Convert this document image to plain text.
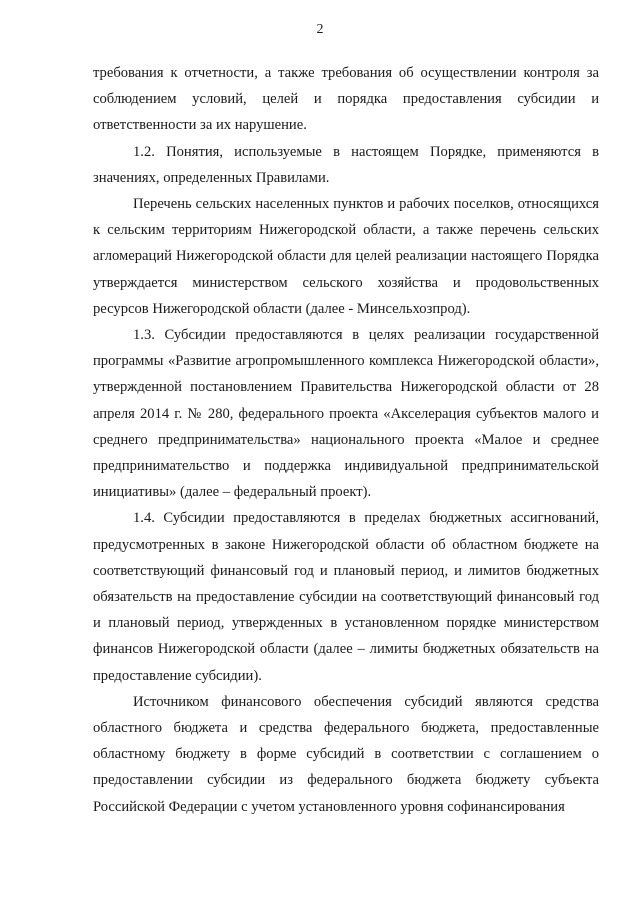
2

требования к отчетности, а также требования об осуществлении контроля за соблюдением условий, целей и порядка предоставления субсидии и ответственности за их нарушение.

1.2. Понятия, используемые в настоящем Порядке, применяются в значениях, определенных Правилами.

Перечень сельских населенных пунктов и рабочих поселков, относящихся к сельским территориям Нижегородской области, а также перечень сельских агломераций Нижегородской области для целей реализации настоящего Порядка утверждается министерством сельского хозяйства и продовольственных ресурсов Нижегородской области (далее - Минсельхозпрод).

1.3. Субсидии предоставляются в целях реализации государственной программы «Развитие агропромышленного комплекса Нижегородской области», утвержденной постановлением Правительства Нижегородской области от 28 апреля 2014 г. № 280, федерального проекта «Акселерация субъектов малого и среднего предпринимательства» национального проекта «Малое и среднее предпринимательство и поддержка индивидуальной предпринимательской инициативы» (далее – федеральный проект).

1.4. Субсидии предоставляются в пределах бюджетных ассигнований, предусмотренных в законе Нижегородской области об областном бюджете на соответствующий финансовый год и плановый период, и лимитов бюджетных обязательств на предоставление субсидии на соответствующий финансовый год и плановый период, утвержденных в установленном порядке министерством финансов Нижегородской области (далее – лимиты бюджетных обязательств на предоставление субсидии).

Источником финансового обеспечения субсидий являются средства областного бюджета и средства федерального бюджета, предоставленные областному бюджету в форме субсидий в соответствии с соглашением о предоставлении субсидии из федерального бюджета бюджету субъекта Российской Федерации с учетом установленного уровня софинансирования
